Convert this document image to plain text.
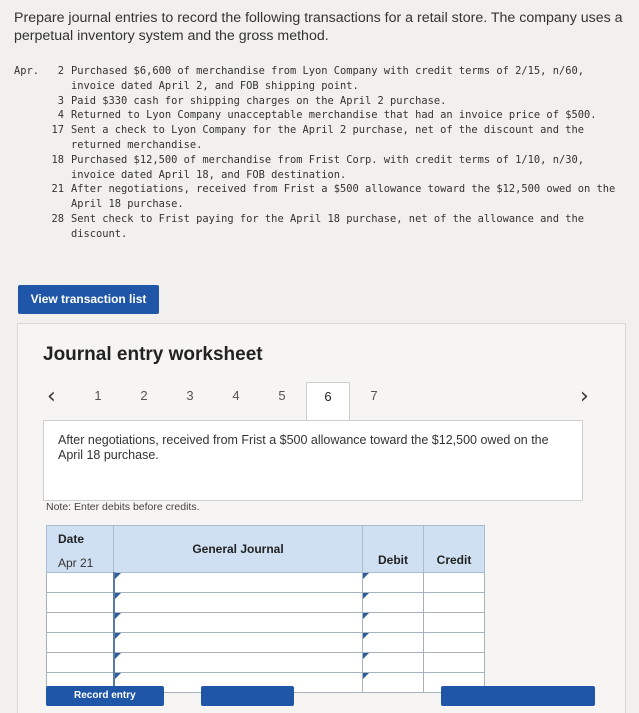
Prepare journal entries to record the following transactions for a retail store. The company uses a perpetual inventory system and the gross method.
Apr.	2 Purchased $6,600 of merchandise from Lyon Company with credit terms of 2/15, n/60, invoice dated April 2, and FOB shipping point.
3 Paid $330 cash for shipping charges on the April 2 purchase.
4 Returned to Lyon Company unacceptable merchandise that had an invoice price of $500.
17 Sent a check to Lyon Company for the April 2 purchase, net of the discount and the returned merchandise.
18 Purchased $12,500 of merchandise from Frist Corp. with credit terms of 1/10, n/30, invoice dated April 18, and FOB destination.
21 After negotiations, received from Frist a $500 allowance toward the $12,500 owed on the April 18 purchase.
28 Sent check to Frist paying for the April 18 purchase, net of the allowance and the discount.
View transaction list
Journal entry worksheet
‹	1	2	3	4	5	6	7	›
After negotiations, received from Frist a $500 allowance toward the $12,500 owed on the April 18 purchase.
Note: Enter debits before credits.
Date
Apr 21	General Journal	Debit	Credit

Record entry
